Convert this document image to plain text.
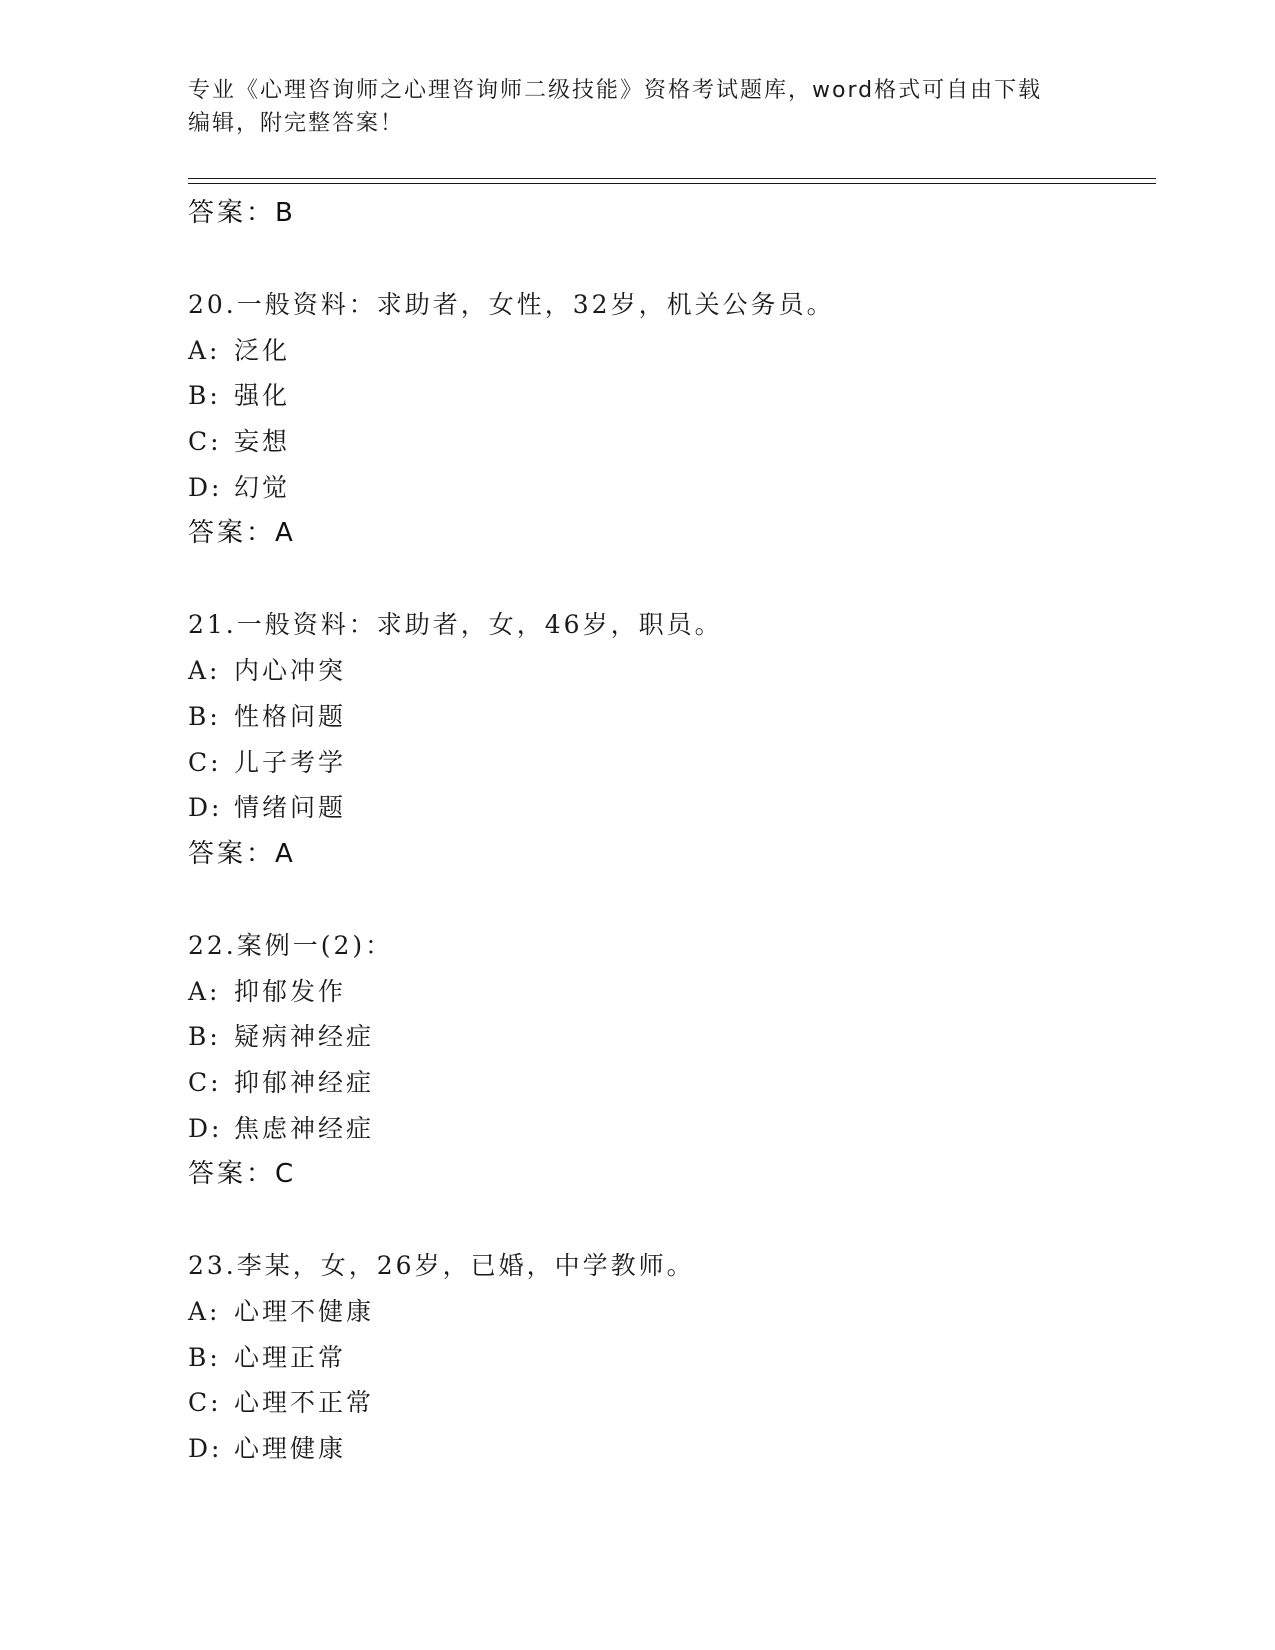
专业《心理咨询师之心理咨询师二级技能》资格考试题库，word格式可自由下载
编辑，附完整答案！
答案：B
20.一般资料：求助者，女性，32岁，机关公务员。
A: 泛化
B: 强化
C: 妄想
D: 幻觉
答案：A
21.一般资料：求助者，女，46岁，职员。
A: 内心冲突
B: 性格问题
C: 儿子考学
D: 情绪问题
答案：A
22.案例一(2)：
A: 抑郁发作
B: 疑病神经症
C: 抑郁神经症
D: 焦虑神经症
答案：C
23.李某，女，26岁，已婚，中学教师。
A: 心理不健康
B: 心理正常
C: 心理不正常
D: 心理健康
